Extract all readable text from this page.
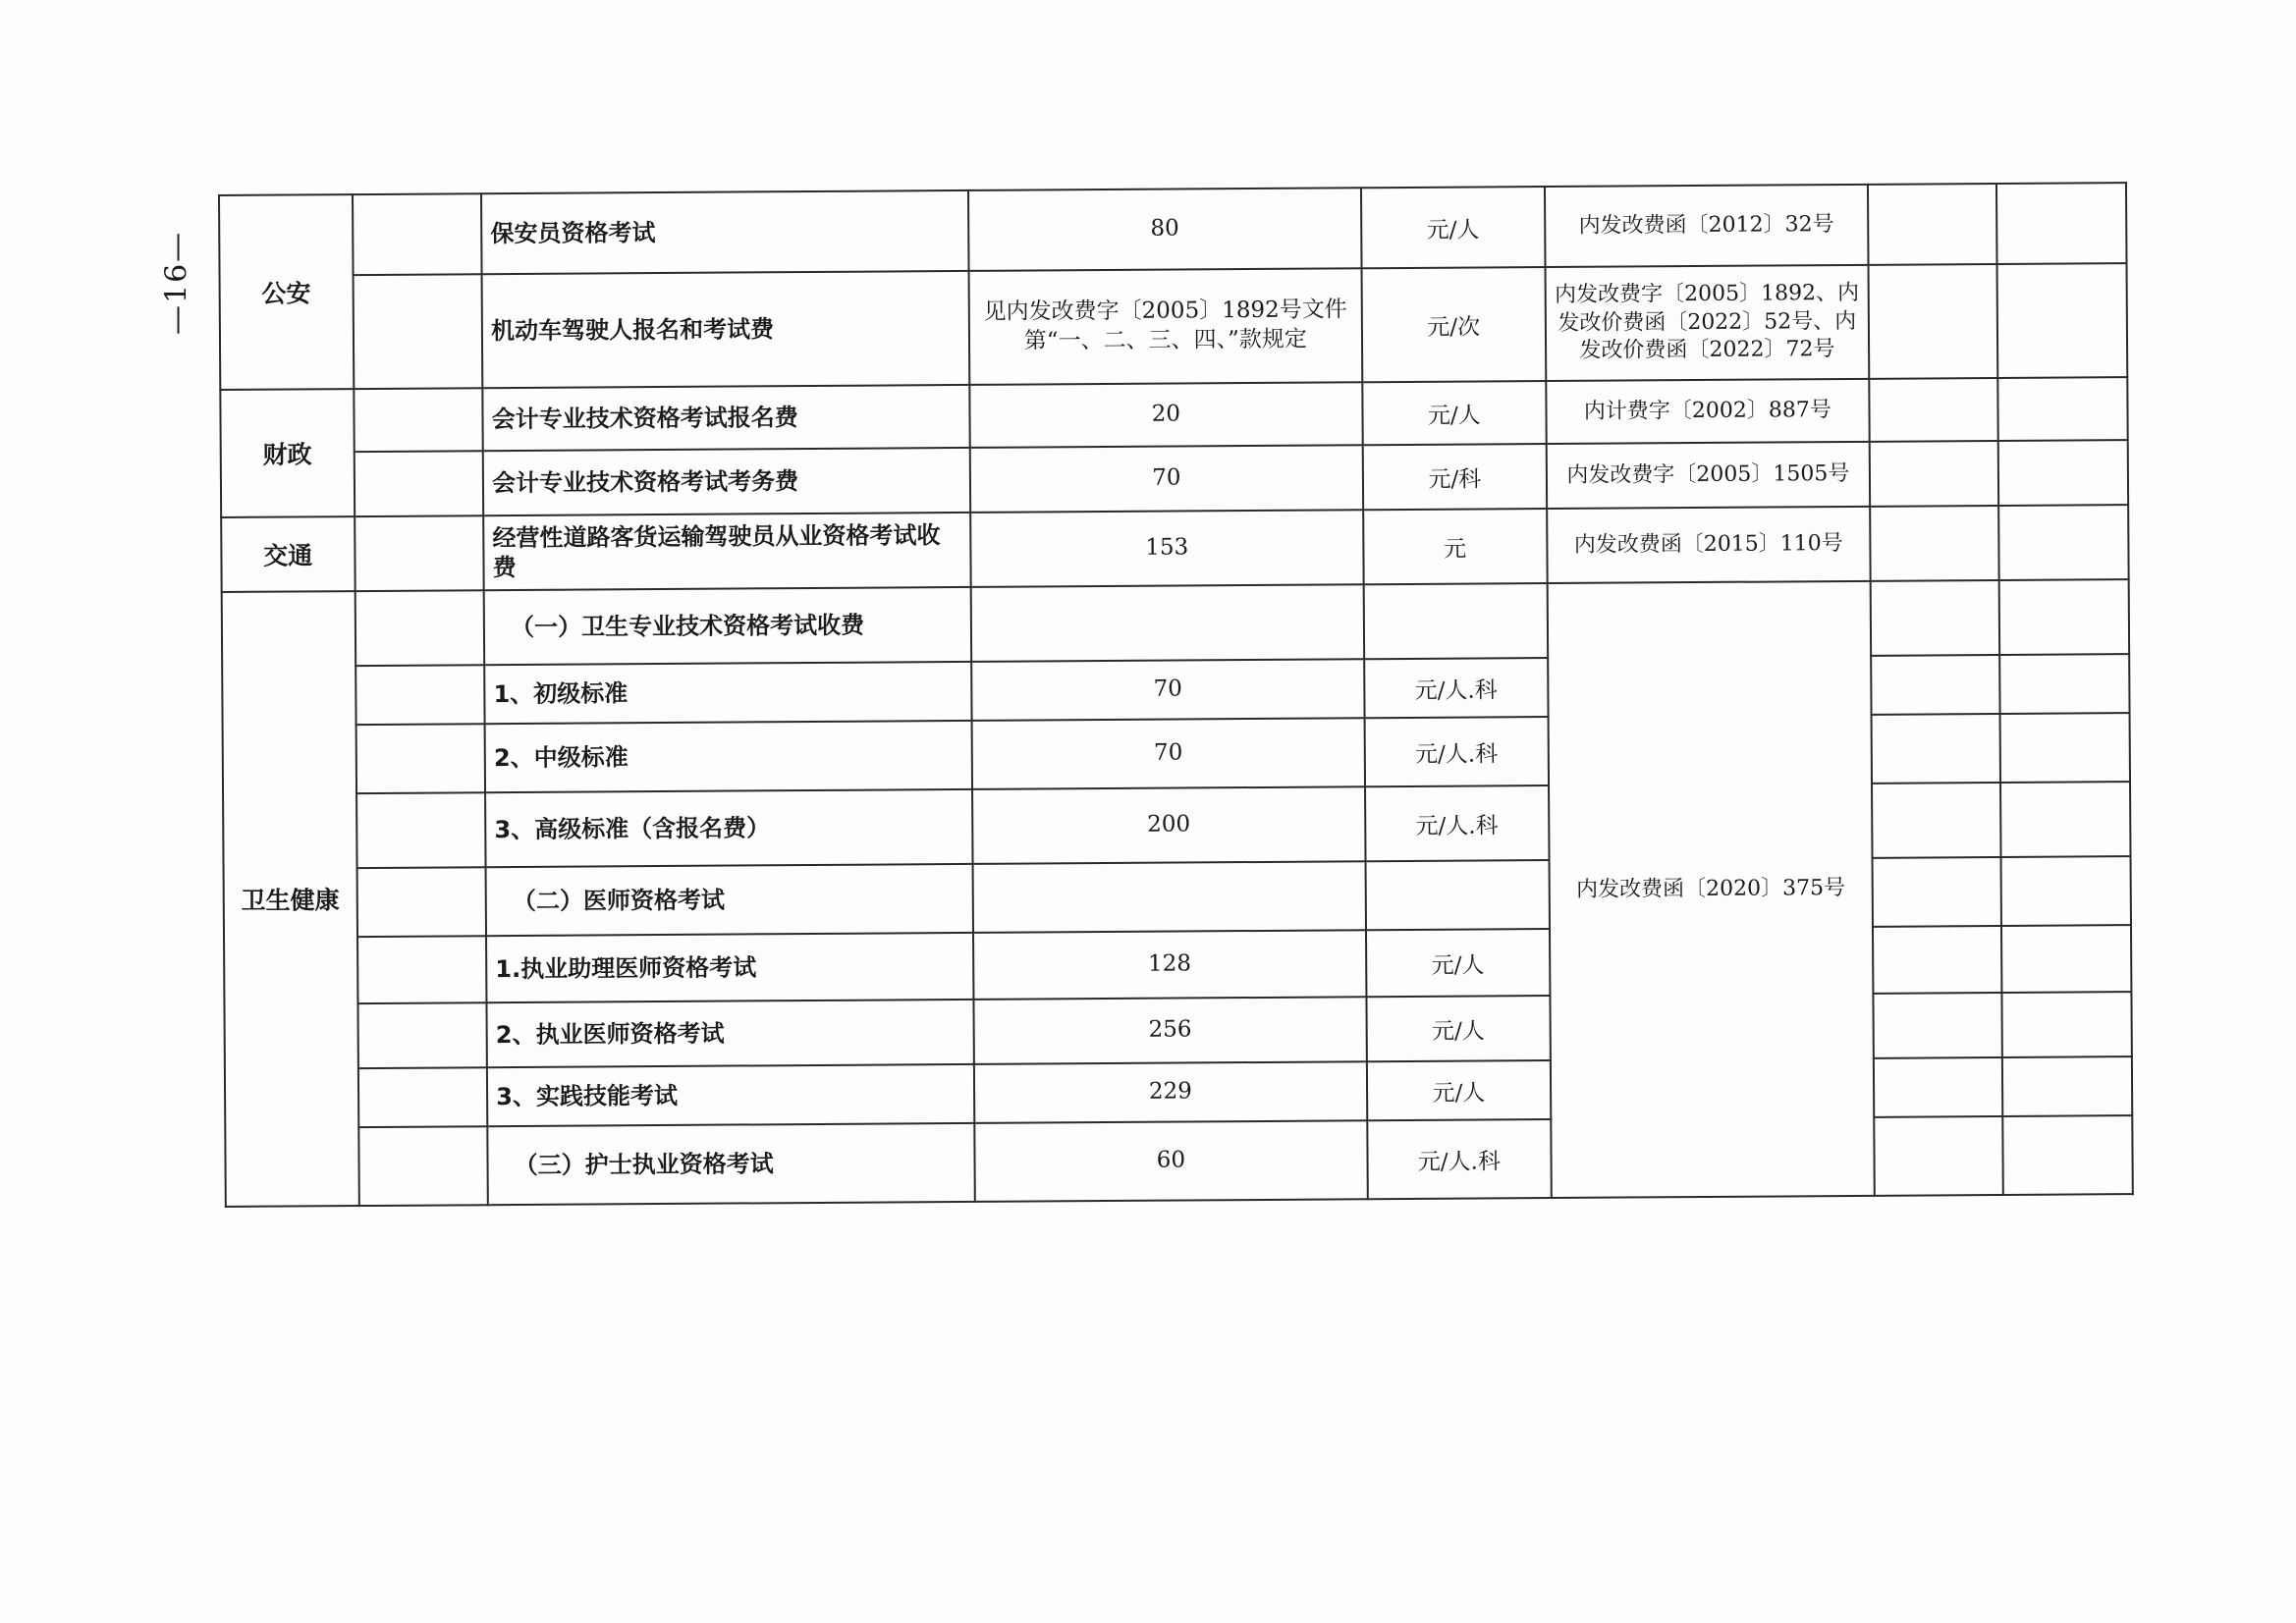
—16—	公安		保安员资格考试	80	元/人	内发改费函〔2012〕32号		
		机动车驾驶人报名和考试费	见内发改费字〔2005〕1892号文件第“一、二、三、四、”款规定	元/次	内发改费字〔2005〕1892、内发改价费函〔2022〕52号、内发改价费函〔2022〕72号		

财政		会计专业技术资格考试报名费	20	元/人	内计费字〔2002〕887号		
		会计专业技术资格考试考务费	70	元/科	内发改费字〔2005〕1505号		
交通		经营性道路客货运输驾驶员从业资格考试收费	153	元	内发改费函〔2015〕110号		
卫生健康		（一）卫生专业技术资格考试收费			内发改费函〔2020〕375号		
		1、初级标准	70	元/人.科			
		2、中级标准	70	元/人.科			
		3、高级标准（含报名费）	200	元/人.科			
		（二）医师资格考试					
		1.执业助理医师资格考试	128	元/人			
		2、执业医师资格考试	256	元/人			
		3、实践技能考试	229	元/人			
		（三）护士执业资格考试	60	元/人.科			
